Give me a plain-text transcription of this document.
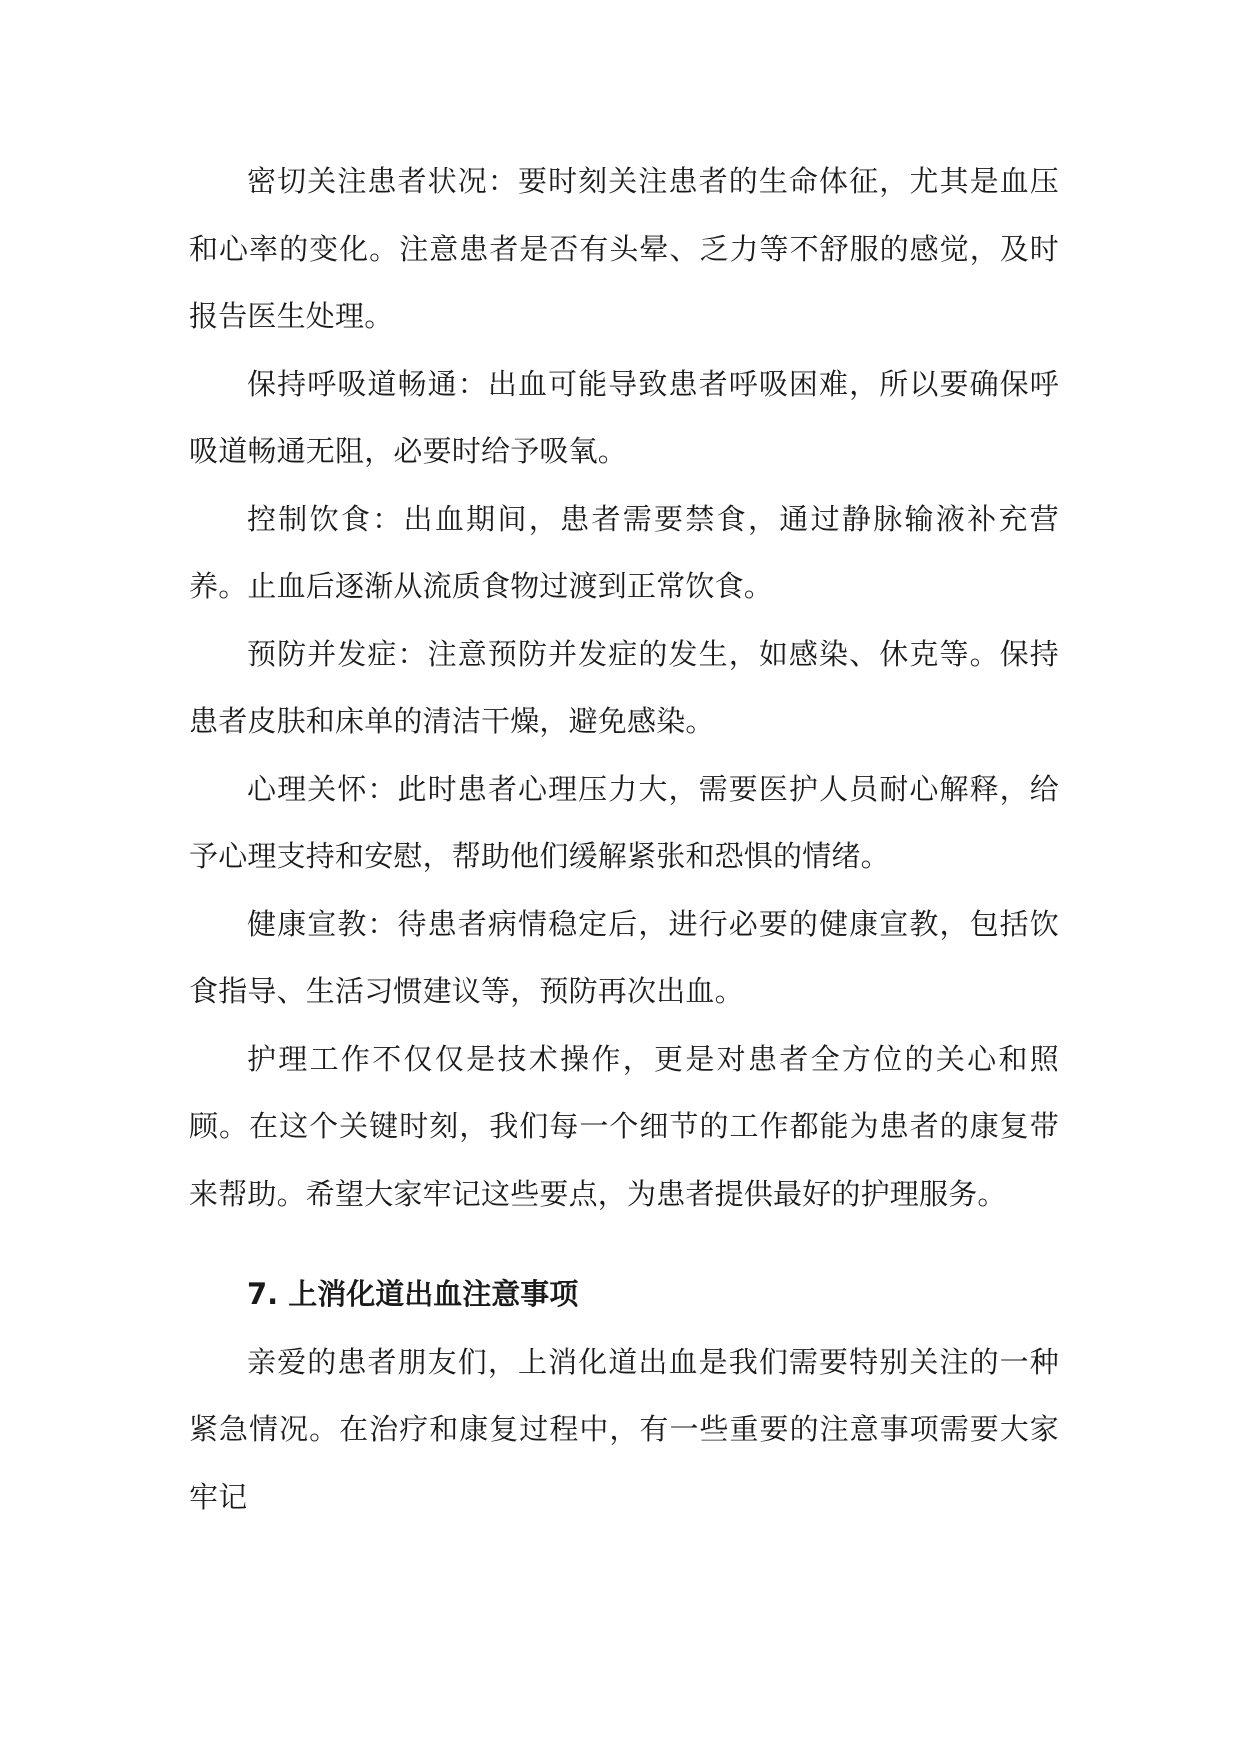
密切关注患者状况：要时刻关注患者的生命体征，尤其是血压和心率的变化。注意患者是否有头晕、乏力等不舒服的感觉，及时报告医生处理。

保持呼吸道畅通：出血可能导致患者呼吸困难，所以要确保呼吸道畅通无阻，必要时给予吸氧。

控制饮食：出血期间，患者需要禁食，通过静脉输液补充营养。止血后逐渐从流质食物过渡到正常饮食。

预防并发症：注意预防并发症的发生，如感染、休克等。保持患者皮肤和床单的清洁干燥，避免感染。

心理关怀：此时患者心理压力大，需要医护人员耐心解释，给予心理支持和安慰，帮助他们缓解紧张和恐惧的情绪。

健康宣教：待患者病情稳定后，进行必要的健康宣教，包括饮食指导、生活习惯建议等，预防再次出血。

护理工作不仅仅是技术操作，更是对患者全方位的关心和照顾。在这个关键时刻，我们每一个细节的工作都能为患者的康复带来帮助。希望大家牢记这些要点，为患者提供最好的护理服务。

7. 上消化道出血注意事项

亲爱的患者朋友们，上消化道出血是我们需要特别关注的一种紧急情况。在治疗和康复过程中，有一些重要的注意事项需要大家牢记
